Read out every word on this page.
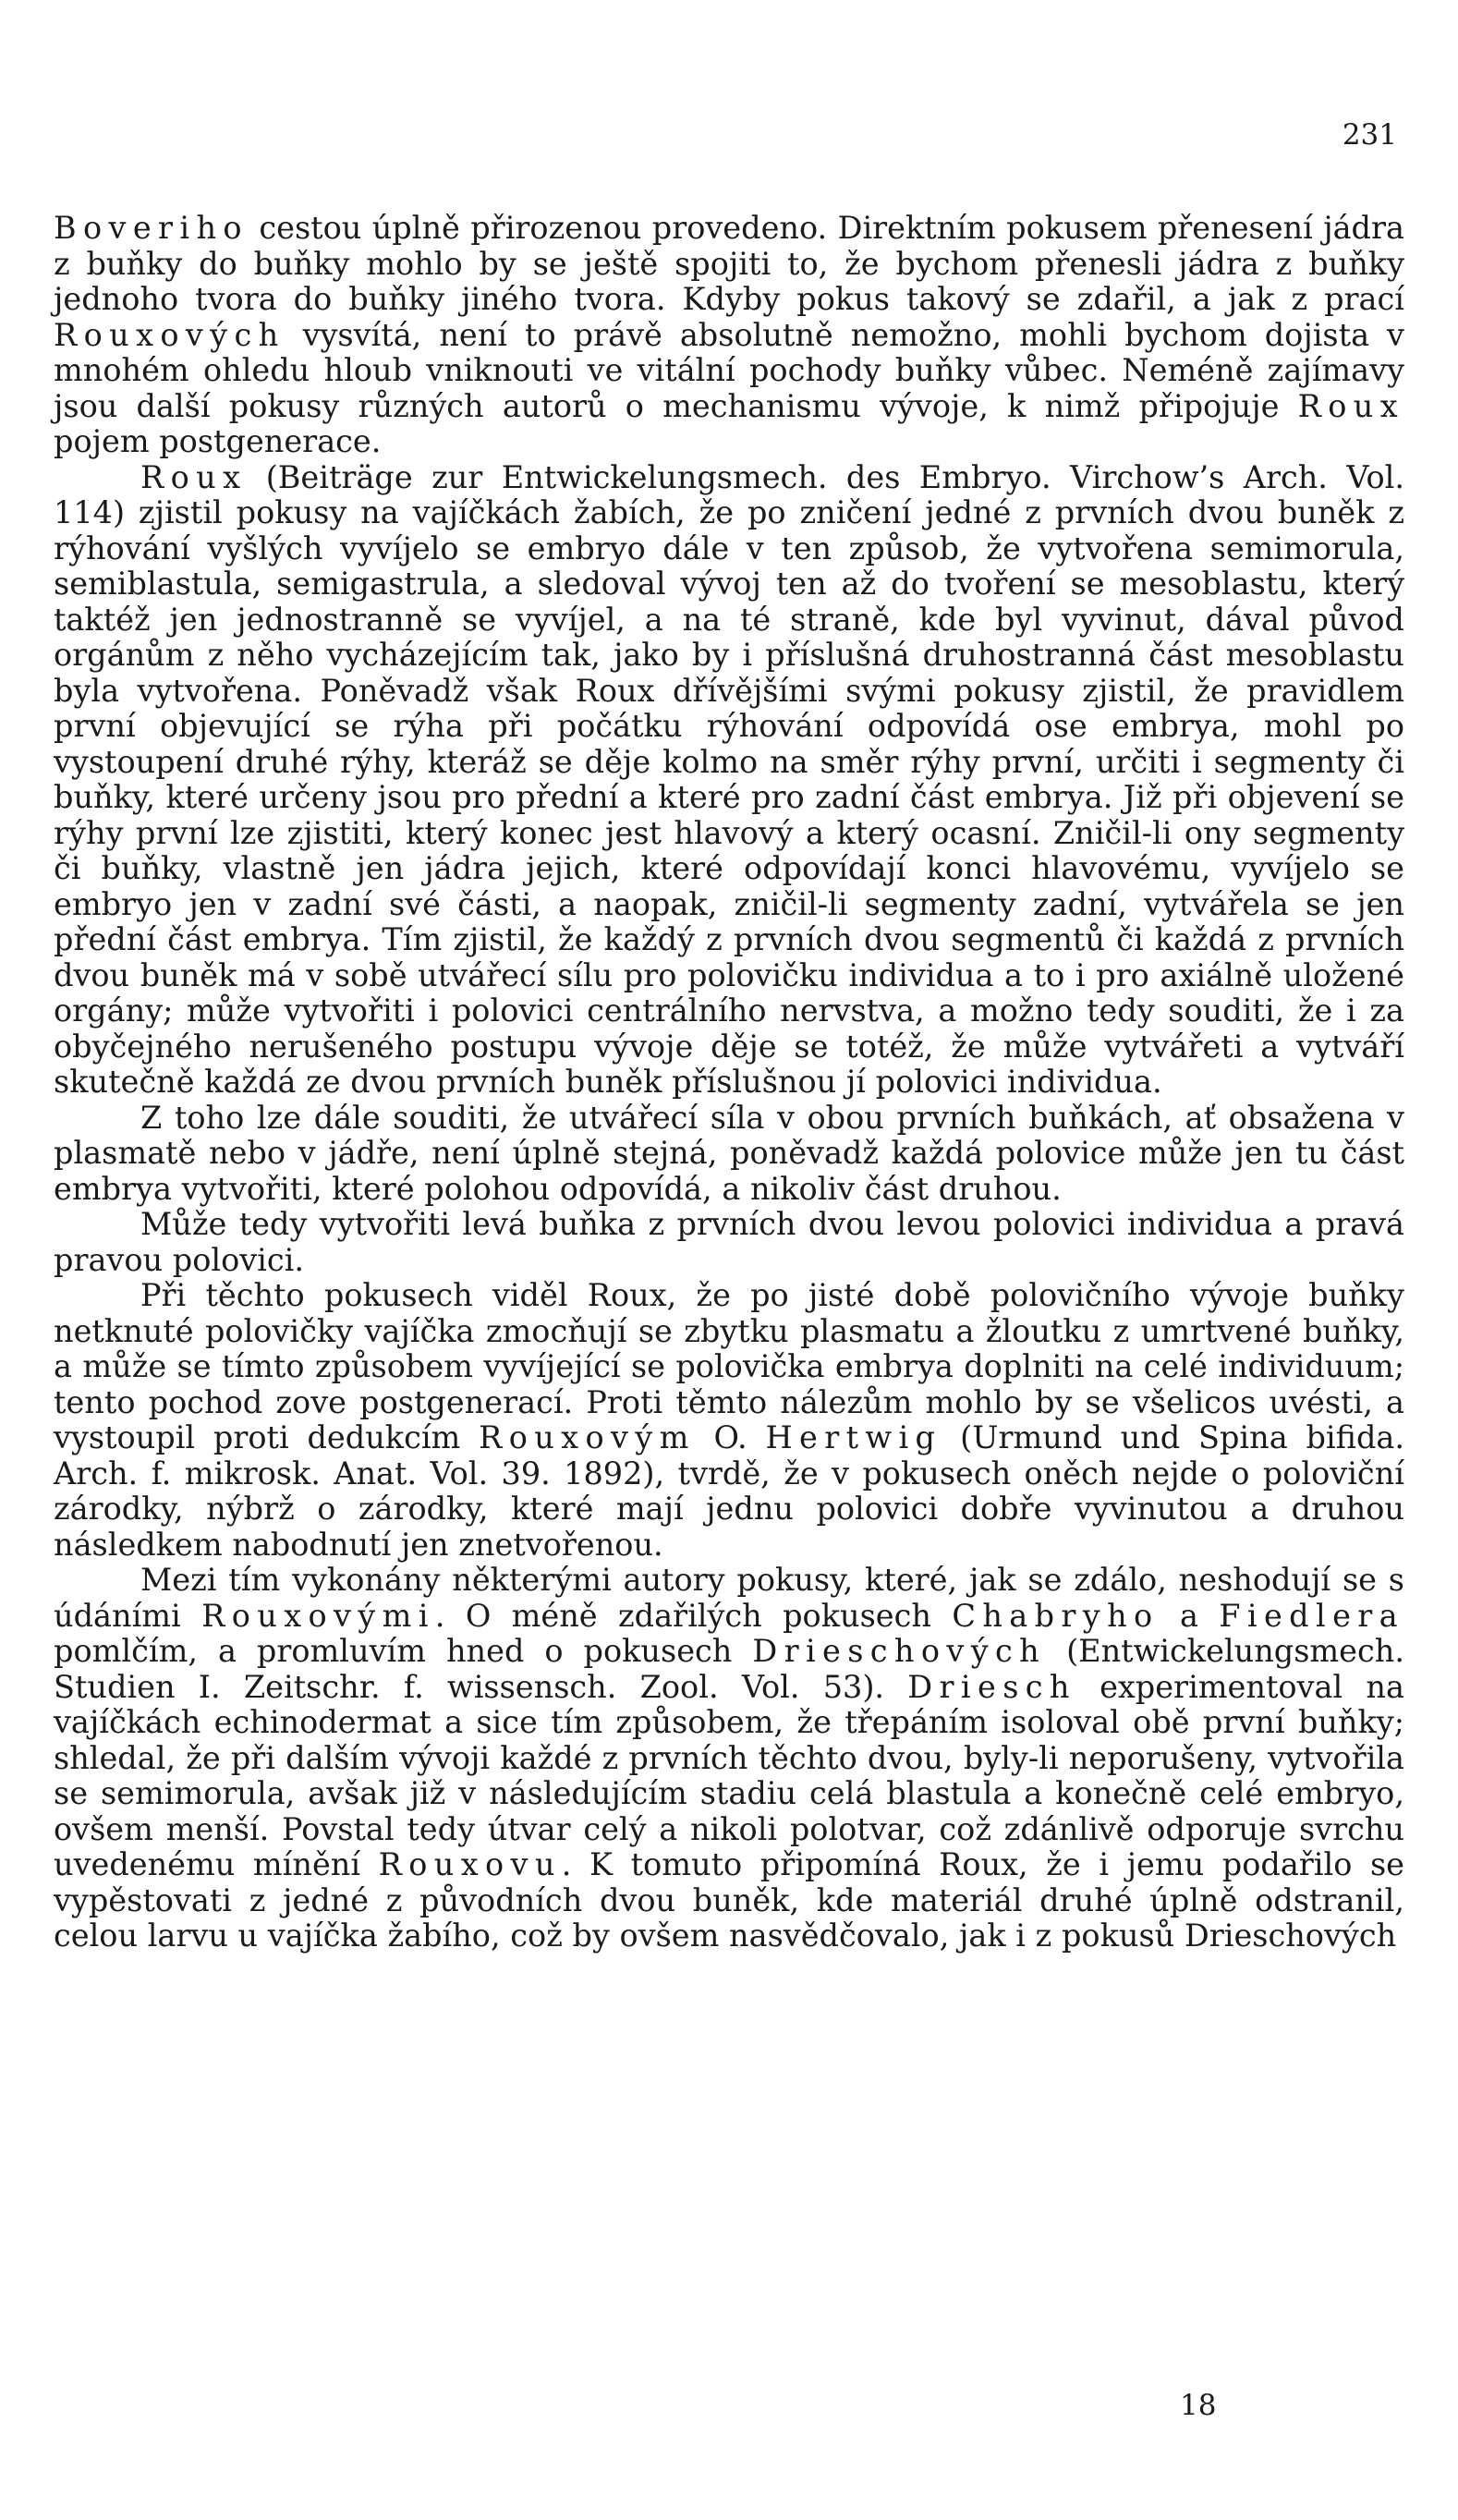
231

Boveriho cestou úplně přirozenou provedeno. Direktním pokusem přenesení jádra z buňky do buňky mohlo by se ještě spojiti to, že bychom přenesli jádra z buňky jednoho tvora do buňky jiného tvora. Kdyby pokus takový se zdařil, a jak z prací Rouxových vysvítá, není to právě absolutně nemožno, mohli bychom dojista v mnohém ohledu hloub vniknouti ve vitální pochody buňky vůbec. Neméně zajímavy jsou další pokusy různých autorů o mechanismu vývoje, k nimž připojuje Roux pojem postgenerace.

Roux (Beiträge zur Entwickelungsmech. des Embryo. Virchow’s Arch. Vol. 114) zjistil pokusy na vajíčkách žabích, že po zničení jedné z prvních dvou buněk z rýhování vyšlých vyvíjelo se embryo dále v ten způsob, že vytvořena semimorula, semiblastula, semigastrula, a sledoval vývoj ten až do tvoření se mesoblastu, který taktéž jen jednostranně se vyvíjel, a na té straně, kde byl vyvinut, dával původ orgánům z něho vycházejícím tak, jako by i příslušná druhostranná část mesoblastu byla vytvořena. Poněvadž však Roux dřívějšími svými pokusy zjistil, že pravidlem první objevující se rýha při počátku rýhování odpovídá ose embrya, mohl po vystoupení druhé rýhy, kteráž se děje kolmo na směr rýhy první, určiti i segmenty či buňky, které určeny jsou pro přední a které pro zadní část embrya. Již při objevení se rýhy první lze zjistiti, který konec jest hlavový a který ocasní. Zničil-li ony segmenty či buňky, vlastně jen jádra jejich, které odpovídají konci hlavovému, vyvíjelo se embryo jen v zadní své části, a naopak, zničil-li segmenty zadní, vytvářela se jen přední část embrya. Tím zjistil, že každý z prvních dvou segmentů či každá z prvních dvou buněk má v sobě utvářecí sílu pro polovičku individua a to i pro axiálně uložené orgány; může vytvořiti i polovici centrálního nervstva, a možno tedy souditi, že i za obyčejného nerušeného postupu vývoje děje se totéž, že může vytvářeti a vytváří skutečně každá ze dvou prvních buněk příslušnou jí polovici individua.

Z toho lze dále souditi, že utvářecí síla v obou prvních buňkách, ať obsažena v plasmatě nebo v jádře, není úplně stejná, poněvadž každá polovice může jen tu část embrya vytvořiti, které polohou odpovídá, a nikoliv část druhou.

Může tedy vytvořiti levá buňka z prvních dvou levou polovici individua a pravá pravou polovici.

Při těchto pokusech viděl Roux, že po jisté době polovičního vývoje buňky netknuté polovičky vajíčka zmocňují se zbytku plasmatu a žloutku z umrtvené buňky, a může se tímto způsobem vyvíjející se polovička embrya doplniti na celé individuum; tento pochod zove postgenerací. Proti těmto nálezům mohlo by se všelicos uvésti, a vystoupil proti dedukcím Rouxovým O. Hertwig (Urmund und Spina bifida. Arch. f. mikrosk. Anat. Vol. 39. 1892), tvrdě, že v pokusech oněch nejde o poloviční zárodky, nýbrž o zárodky, které mají jednu polovici dobře vyvinutou a druhou následkem nabodnutí jen znetvořenou.

Mezi tím vykonány některými autory pokusy, které, jak se zdálo, neshodují se s údáními Rouxovými. O méně zdařilých pokusech Chabryho a Fiedlera pomlčím, a promluvím hned o pokusech Drieschových (Entwickelungsmech. Studien I. Zeitschr. f. wissensch. Zool. Vol. 53). Driesch experimentoval na vajíčkách echinodermat a sice tím způsobem, že třepáním isoloval obě první buňky; shledal, že při dalším vývoji každé z prvních těchto dvou, byly-li neporušeny, vytvořila se semimorula, avšak již v následujícím stadiu celá blastula a konečně celé embryo, ovšem menší. Povstal tedy útvar celý a nikoli polotvar, což zdánlivě odporuje svrchu uvedenému mínění Rouxovu. K tomuto připomíná Roux, že i jemu podařilo se vypěstovati z jedné z původních dvou buněk, kde materiál druhé úplně odstranil, celou larvu u vajíčka žabího, což by ovšem nasvědčovalo, jak i z pokusů Drieschových

18
